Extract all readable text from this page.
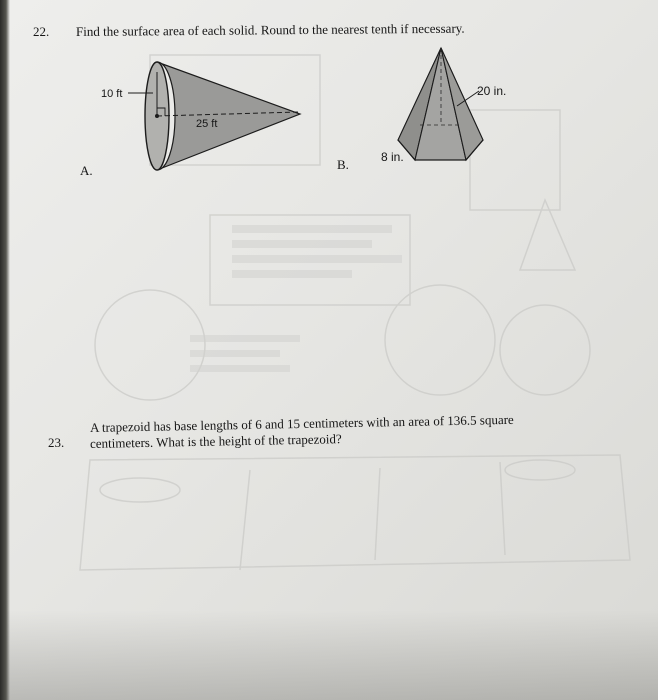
22. Find the surface area of each solid. Round to the nearest tenth if necessary.
10 ft
25 ft
A.
20 in.
8 in.
B.
23.
A trapezoid has base lengths of 6 and 15 centimeters with an area of 136.5 square
centimeters. What is the height of the trapezoid?
